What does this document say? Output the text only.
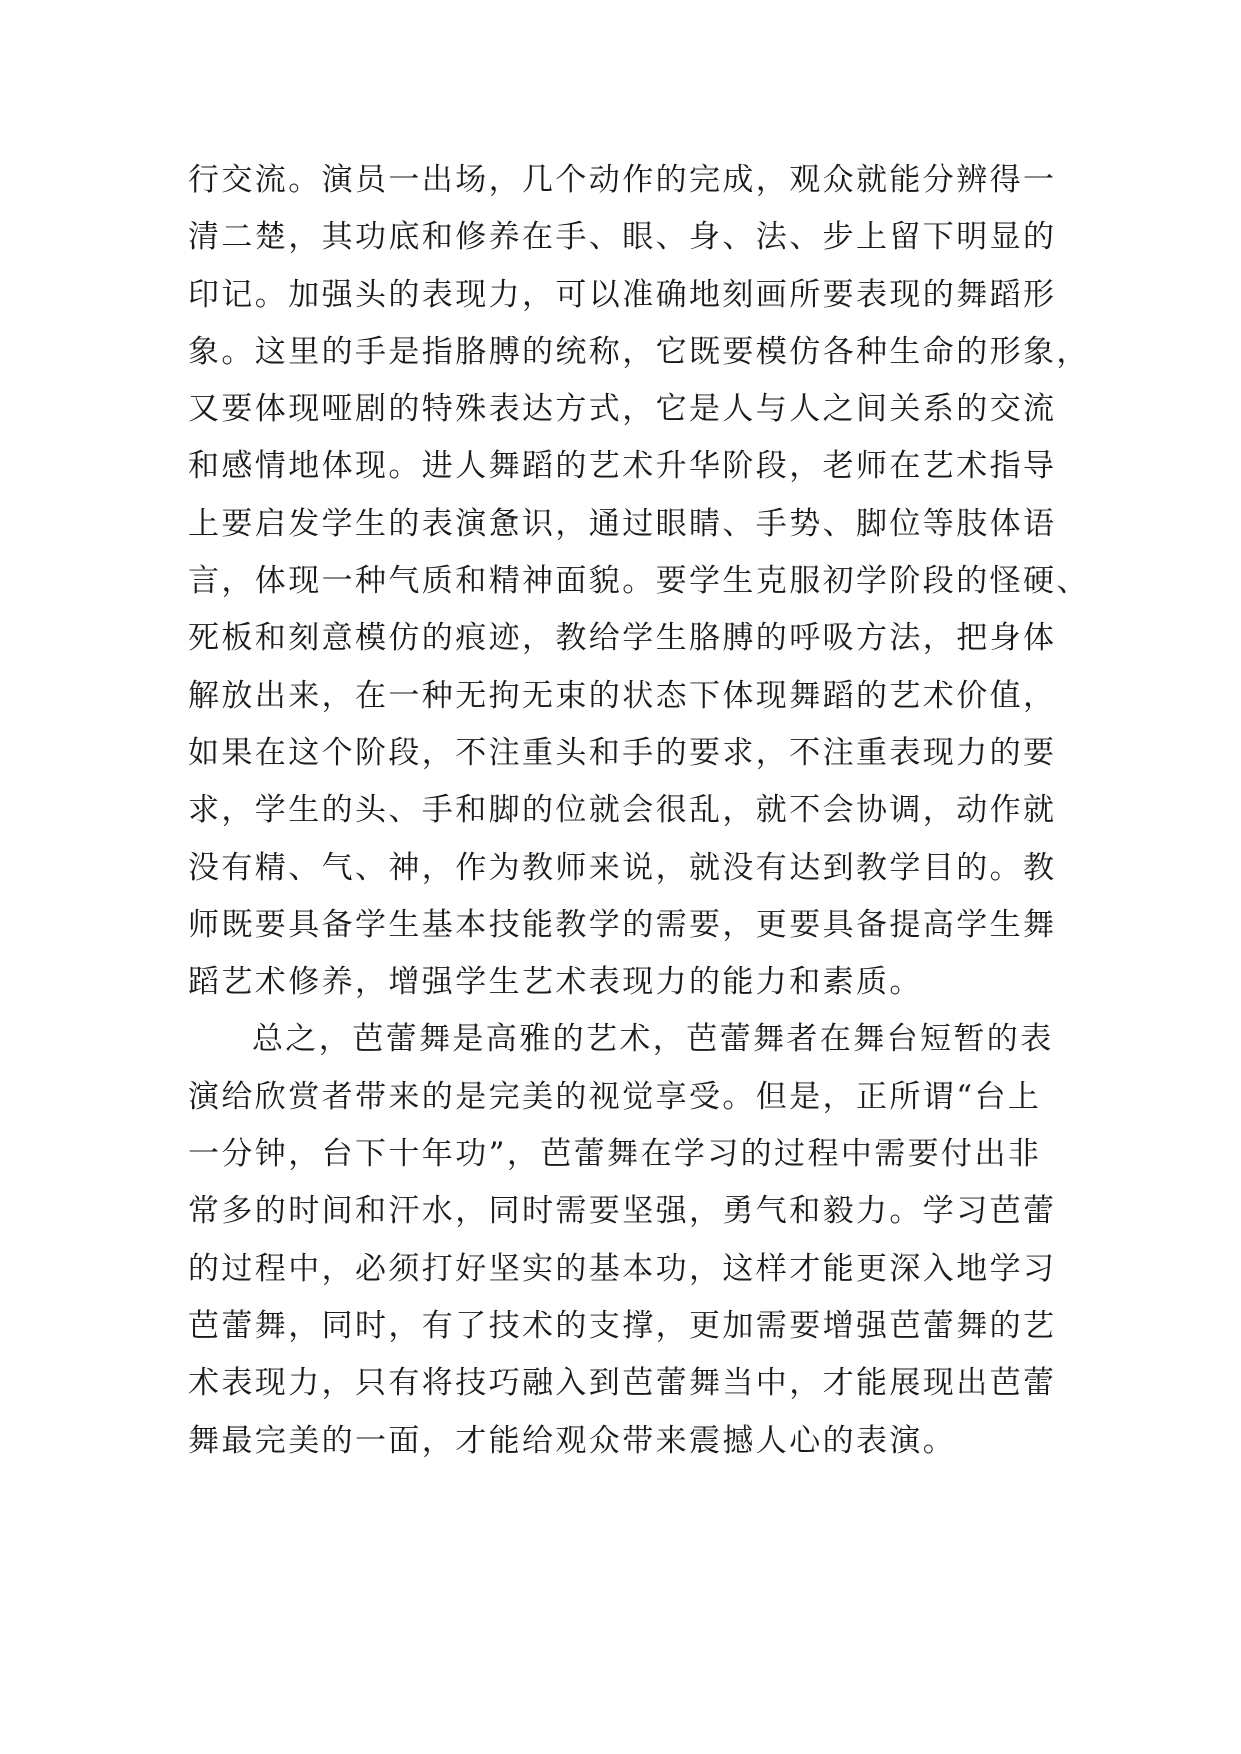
行交流。演员一出场，几个动作的完成，观众就能分辨得一
清二楚，其功底和修养在手、眼、身、法、步上留下明显的
印记。加强头的表现力，可以准确地刻画所要表现的舞蹈形
象。这里的手是指胳膊的统称，它既要模仿各种生命的形象，
又要体现哑剧的特殊表达方式，它是人与人之间关系的交流
和感情地体现。进人舞蹈的艺术升华阶段，老师在艺术指导
上要启发学生的表演惫识，通过眼睛、手势、脚位等肢体语
言，体现一种气质和精神面貌。要学生克服初学阶段的怪硬、
死板和刻意模仿的痕迹，教给学生胳膊的呼吸方法，把身体
解放出来，在一种无拘无束的状态下体现舞蹈的艺术价值，
如果在这个阶段，不注重头和手的要求，不注重表现力的要
求，学生的头、手和脚的位就会很乱，就不会协调，动作就
没有精、气、神，作为教师来说，就没有达到教学目的。教
师既要具备学生基本技能教学的需要，更要具备提高学生舞
蹈艺术修养，增强学生艺术表现力的能力和素质。
总之，芭蕾舞是高雅的艺术，芭蕾舞者在舞台短暂的表
演给欣赏者带来的是完美的视觉享受。但是，正所谓“台上
一分钟，台下十年功”，芭蕾舞在学习的过程中需要付出非
常多的时间和汗水，同时需要坚强，勇气和毅力。学习芭蕾
的过程中，必须打好坚实的基本功，这样才能更深入地学习
芭蕾舞，同时，有了技术的支撑，更加需要增强芭蕾舞的艺
术表现力，只有将技巧融入到芭蕾舞当中，才能展现出芭蕾
舞最完美的一面，才能给观众带来震撼人心的表演。
